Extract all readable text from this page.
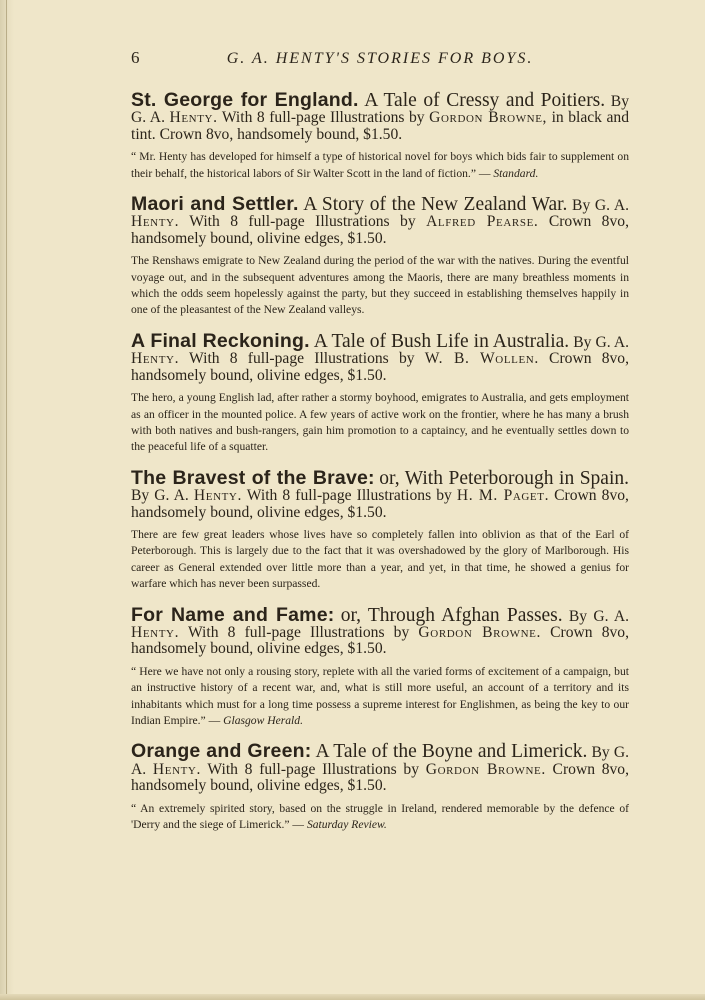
6	G. A. HENTY'S STORIES FOR BOYS.

St. George for England. A Tale of Cressy and Poitiers. By G. A. Henty. With 8 full-page Illustrations by Gordon Browne, in black and tint. Crown 8vo, handsomely bound, $1.50.

“ Mr. Henty has developed for himself a type of historical novel for boys which bids fair to supplement on their behalf, the historical labors of Sir Walter Scott in the land of fiction.” — Standard.

Maori and Settler. A Story of the New Zealand War. By G. A. Henty. With 8 full-page Illustrations by Alfred Pearse. Crown 8vo, handsomely bound, olivine edges, $1.50.

The Renshaws emigrate to New Zealand during the period of the war with the natives. During the eventful voyage out, and in the subsequent adventures among the Maoris, there are many breathless moments in which the odds seem hopelessly against the party, but they succeed in establishing themselves happily in one of the pleasantest of the New Zealand valleys.

A Final Reckoning. A Tale of Bush Life in Australia. By G. A. Henty. With 8 full-page Illustrations by W. B. Wollen. Crown 8vo, handsomely bound, olivine edges, $1.50.

The hero, a young English lad, after rather a stormy boyhood, emigrates to Australia, and gets employment as an officer in the mounted police. A few years of active work on the frontier, where he has many a brush with both natives and bush-rangers, gain him promotion to a captaincy, and he eventually settles down to the peaceful life of a squatter.

The Bravest of the Brave: or, With Peterborough in Spain. By G. A. Henty. With 8 full-page Illustrations by H. M. Paget. Crown 8vo, handsomely bound, olivine edges, $1.50.

There are few great leaders whose lives have so completely fallen into oblivion as that of the Earl of Peterborough. This is largely due to the fact that it was overshadowed by the glory of Marlborough. His career as General extended over little more than a year, and yet, in that time, he showed a genius for warfare which has never been surpassed.

For Name and Fame: or, Through Afghan Passes. By G. A. Henty. With 8 full-page Illustrations by Gordon Browne. Crown 8vo, handsomely bound, olivine edges, $1.50.

“ Here we have not only a rousing story, replete with all the varied forms of excitement of a campaign, but an instructive history of a recent war, and, what is still more useful, an account of a territory and its inhabitants which must for a long time possess a supreme interest for Englishmen, as being the key to our Indian Empire.” — Glasgow Herald.

Orange and Green: A Tale of the Boyne and Limerick. By G. A. Henty. With 8 full-page Illustrations by Gordon Browne. Crown 8vo, handsomely bound, olivine edges, $1.50.

“ An extremely spirited story, based on the struggle in Ireland, rendered memorable by the defence of 'Derry and the siege of Limerick.” — Saturday Review.
